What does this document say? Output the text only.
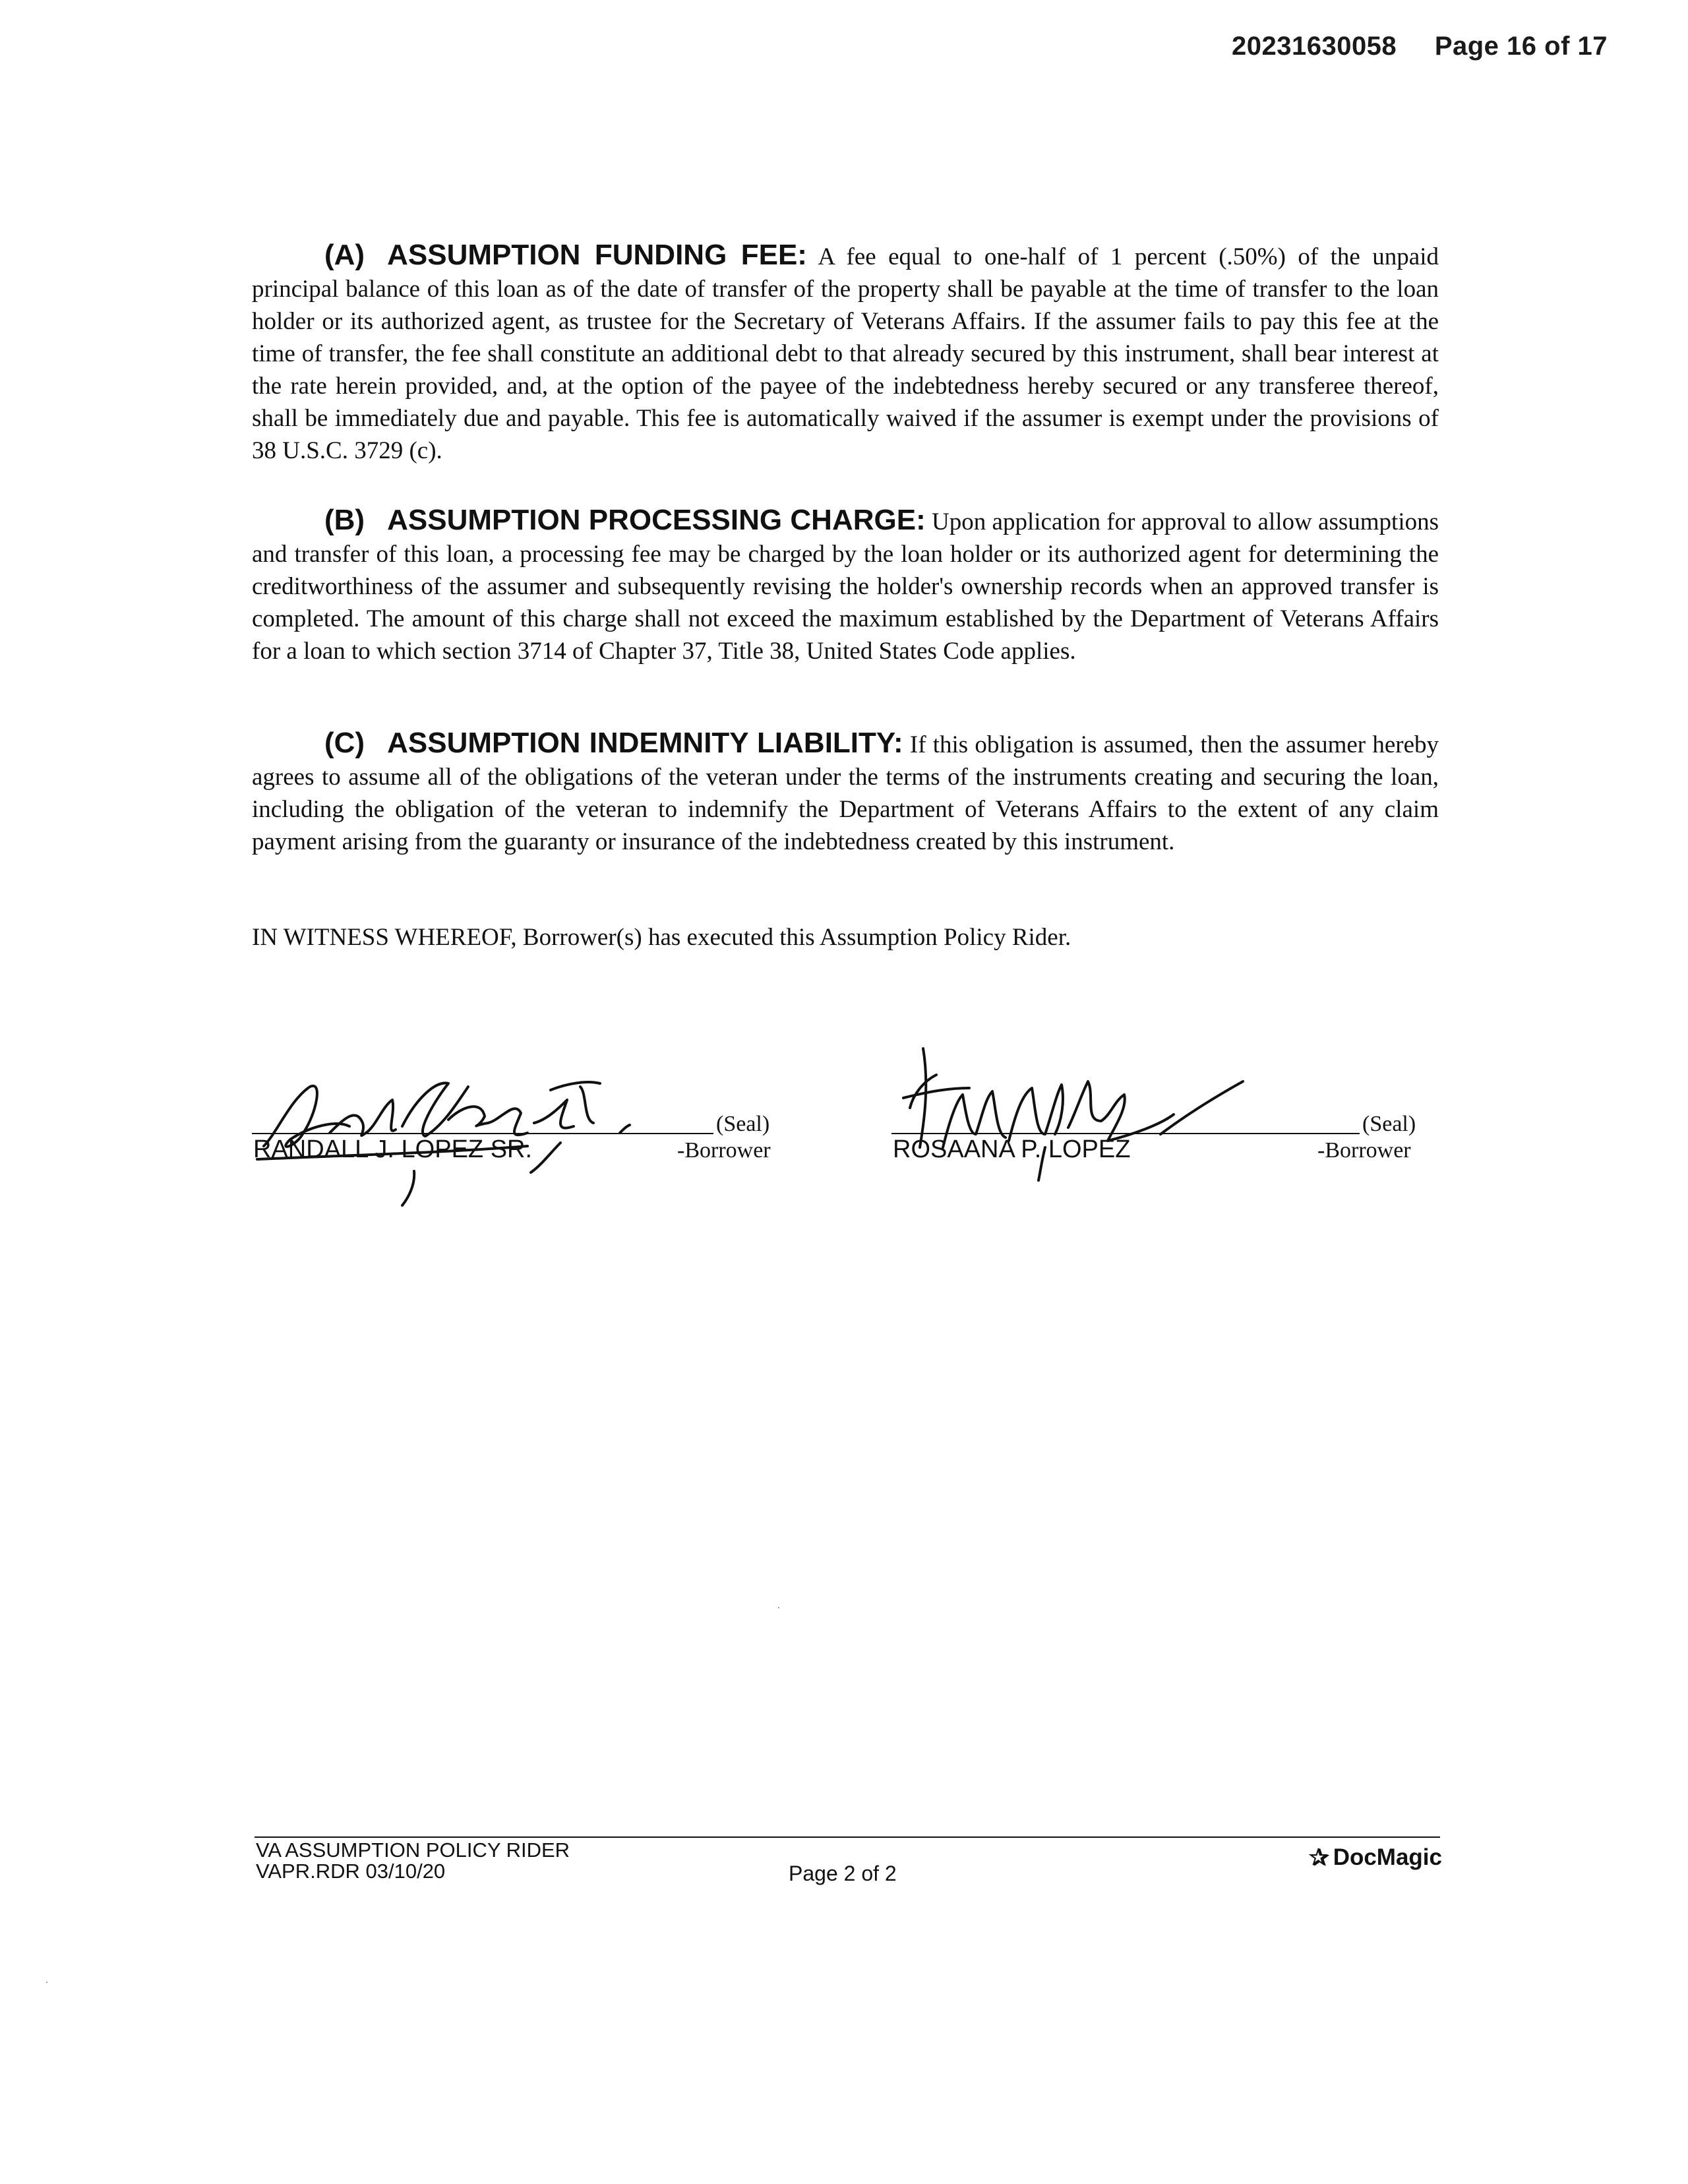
20231630058 Page 16 of 17

(A) ASSUMPTION FUNDING FEE: A fee equal to one-half of 1 percent (.50%) of the unpaid principal balance of this loan as of the date of transfer of the property shall be payable at the time of transfer to the loan holder or its authorized agent, as trustee for the Secretary of Veterans Affairs. If the assumer fails to pay this fee at the time of transfer, the fee shall constitute an additional debt to that already secured by this instrument, shall bear interest at the rate herein provided, and, at the option of the payee of the indebtedness hereby secured or any transferee thereof, shall be immediately due and payable. This fee is automatically waived if the assumer is exempt under the provisions of 38 U.S.C. 3729 (c).

(B) ASSUMPTION PROCESSING CHARGE: Upon application for approval to allow assumptions and transfer of this loan, a processing fee may be charged by the loan holder or its authorized agent for determining the creditworthiness of the assumer and subsequently revising the holder's ownership records when an approved transfer is completed. The amount of this charge shall not exceed the maximum established by the Department of Veterans Affairs for a loan to which section 3714 of Chapter 37, Title 38, United States Code applies.

(C) ASSUMPTION INDEMNITY LIABILITY: If this obligation is assumed, then the assumer hereby agrees to assume all of the obligations of the veteran under the terms of the instruments creating and securing the loan, including the obligation of the veteran to indemnify the Department of Veterans Affairs to the extent of any claim payment arising from the guaranty or insurance of the indebtedness created by this instrument.

IN WITNESS WHEREOF, Borrower(s) has executed this Assumption Policy Rider.

(Seal)
RANDALL J. LOPEZ SR.	-Borrower
(Seal)
ROSAANA P. LOPEZ	-Borrower
VA ASSUMPTION POLICY RIDER
VAPR.RDR 03/10/20	Page 2 of 2
✰ DocMagic
